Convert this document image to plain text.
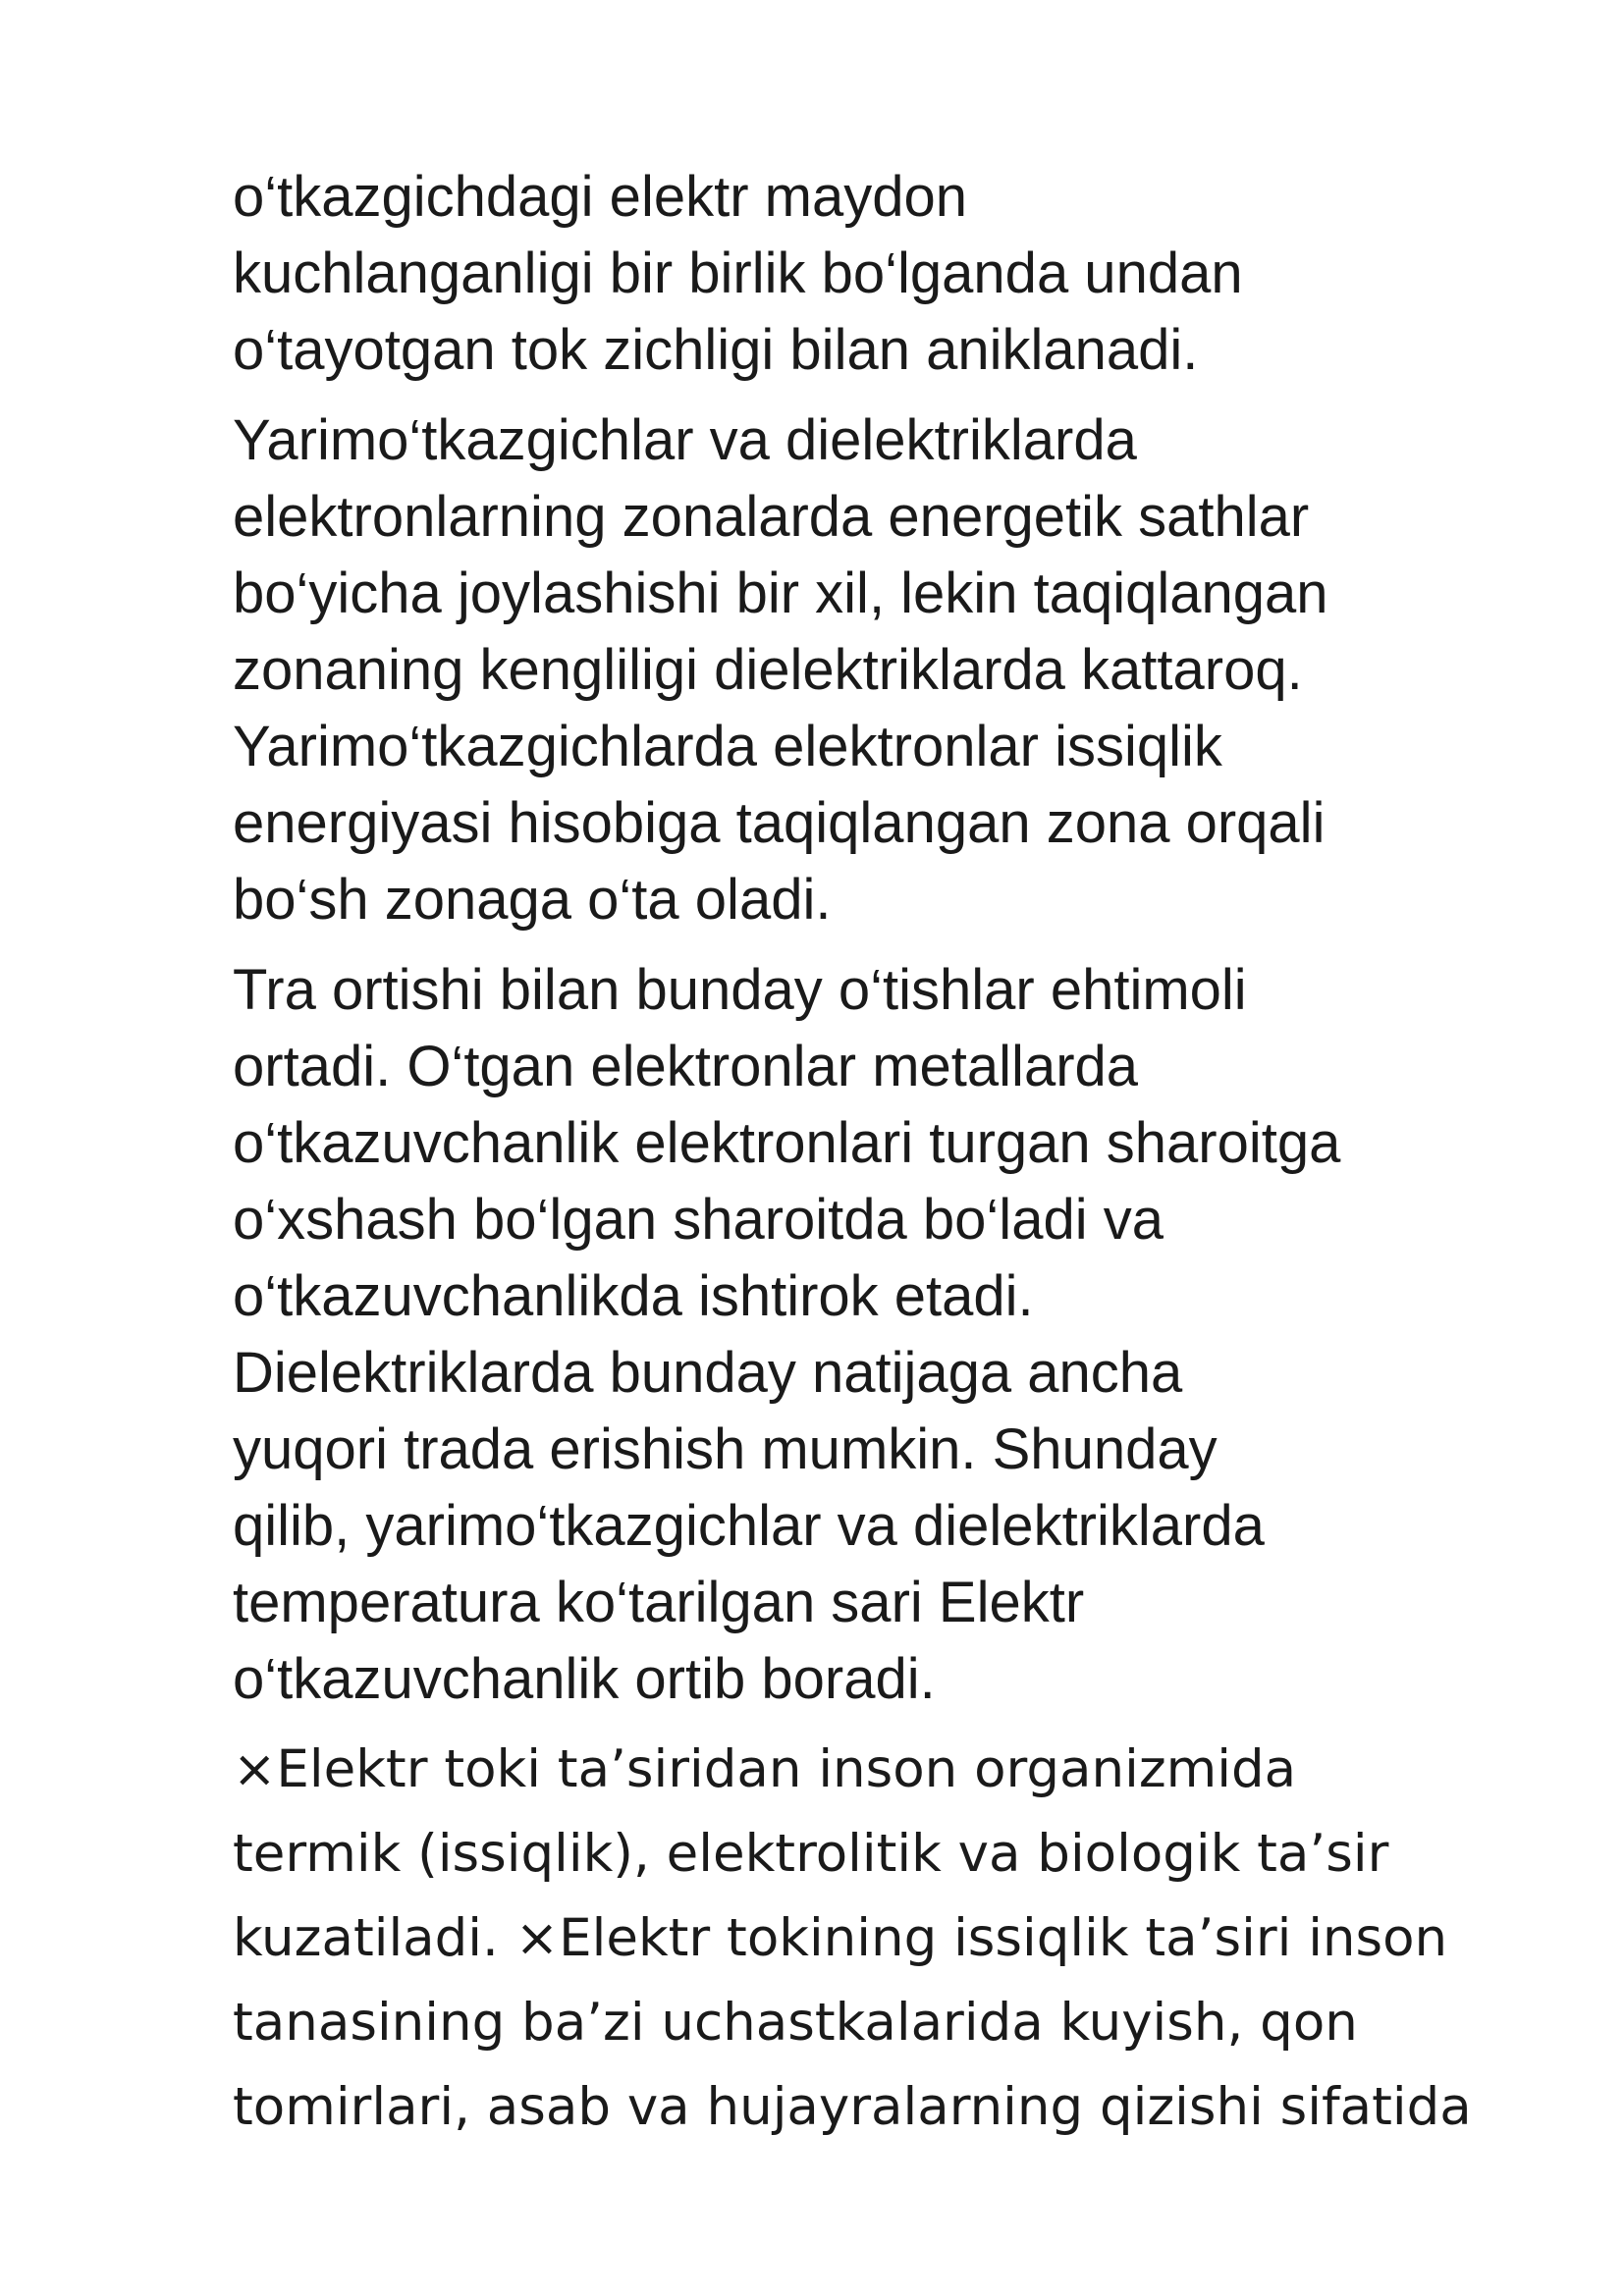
o‘tkazgichdagi elektr maydon
kuchlanganligi bir birlik bo‘lganda undan
o‘tayotgan tok zichligi bilan aniklanadi.

Yarimo‘tkazgichlar va dielektriklarda
elektronlarning zonalarda energetik sathlar
bo‘yicha joylashishi bir xil, lekin taqiqlangan
zonaning kengliligi dielektriklarda kattaroq.
Yarimo‘tkazgichlarda elektronlar issiqlik
energiyasi hisobiga taqiqlangan zona orqali
bo‘sh zonaga o‘ta oladi.

Tra ortishi bilan bunday o‘tishlar ehtimoli
ortadi. O‘tgan elektronlar metallarda
o‘tkazuvchanlik elektronlari turgan sharoitga
o‘xshash bo‘lgan sharoitda bo‘ladi va
o‘tkazuvchanlikda ishtirok etadi.
Dielektriklarda bunday natijaga ancha
yuqori trada erishish mumkin. Shunday
qilib, yarimo‘tkazgichlar va dielektriklarda
temperatura ko‘tarilgan sari Elektr
o‘tkazuvchanlik ortib boradi.

×Elektr toki ta’siridan inson organizmida
termik (issiqlik), elektrolitik va biologik ta’sir
kuzatiladi. ×Elektr tokining issiqlik ta’siri inson
tanasining ba’zi uchastkalarida kuyish, qon
tomirlari, asab va hujayralarning qizishi sifatida
